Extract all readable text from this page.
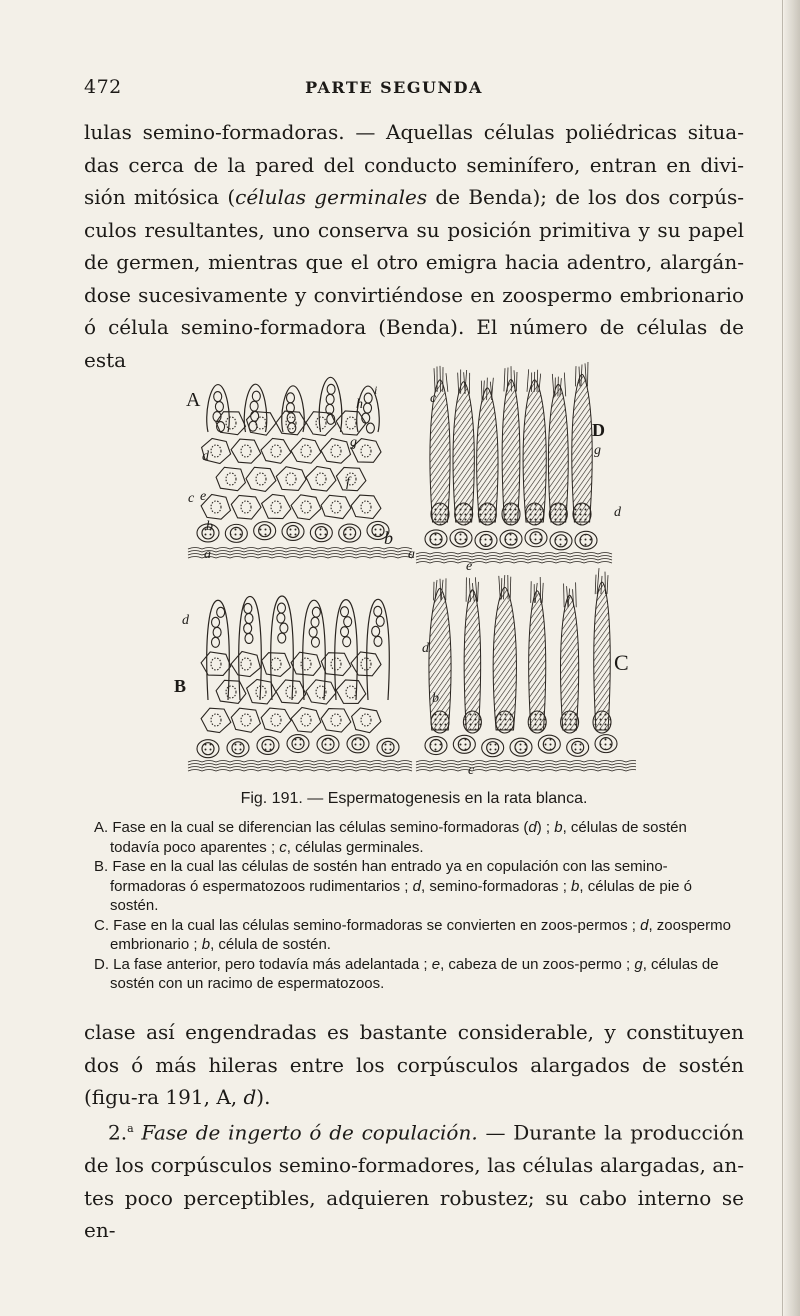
472	PARTE SEGUNDA

lulas semino-formadoras. — Aquellas células poliédricas situa-das cerca de la pared del conducto seminífero, entran en divi-sión mitósica (células germinales de Benda); de los dos corpús-culos resultantes, uno conserva su posición primitiva y su papel de germen, mientras que el otro emigra hacia adentro, alargán-dose sucesivamente y convirtiéndose en zoospermo embrionario ó célula semino-formadora (Benda). El número de células de esta

A
B
C
D
d
c e
b
a
i
h
g
f
b
a
c
g
d
e
d
d
b
c

Fig. 191. — Espermatogenesis en la rata blanca.

A. Fase en la cual se diferencian las células semino-formadoras (d) ; b, células de sostén todavía poco aparentes ; c, células germinales.

B. Fase en la cual las células de sostén han entrado ya en copulación con las semino-formadoras ó espermatozoos rudimentarios ; d, semino-formadoras ; b, células de pie ó sostén.

C. Fase en la cual las células semino-formadoras se convierten en zoos-permos ; d, zoospermo embrionario ; b, célula de sostén.

D. La fase anterior, pero todavía más adelantada ; e, cabeza de un zoos-permo ; g, células de sostén con un racimo de espermatozoos.

clase así engendradas es bastante considerable, y constituyen dos ó más hileras entre los corpúsculos alargados de sostén (figu-ra 191, A, d).

2.$^a$ Fase de ingerto ó de copulación. — Durante la producción de los corpúsculos semino-formadores, las células alargadas, an-tes poco perceptibles, adquieren robustez; su cabo interno se en-
